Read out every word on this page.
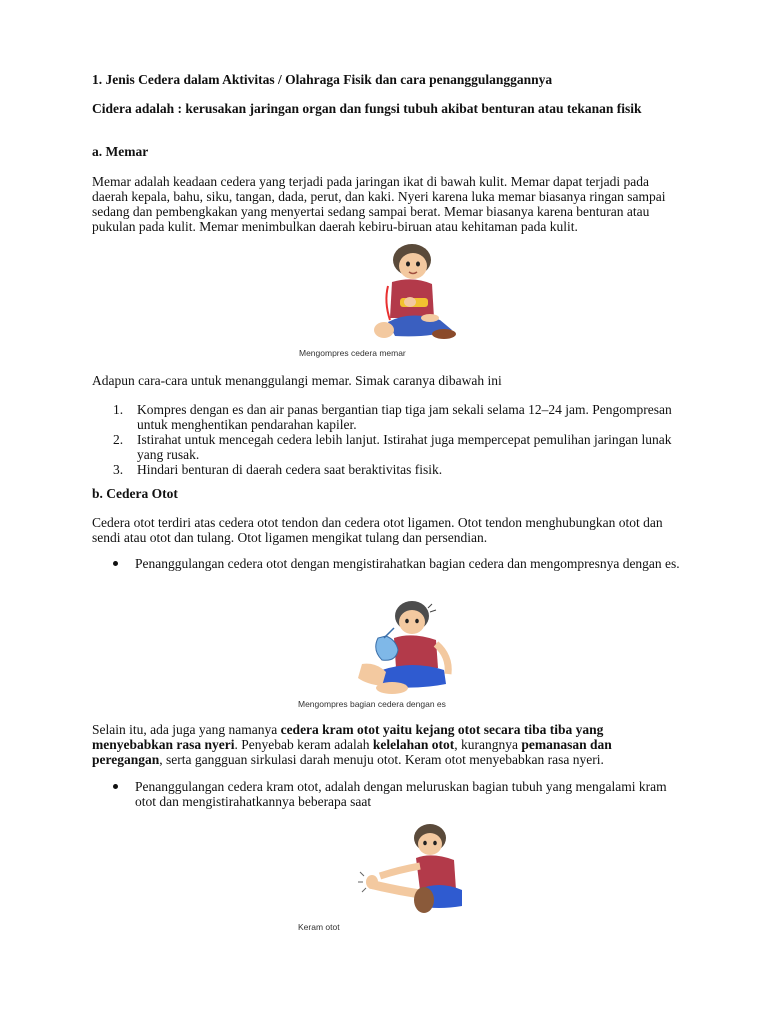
1. Jenis Cedera dalam Aktivitas / Olahraga Fisik dan cara penanggulanggannya

Cidera adalah : kerusakan jaringan organ dan fungsi tubuh akibat benturan atau tekanan fisik

a. Memar

Memar adalah keadaan cedera yang terjadi pada jaringan ikat di bawah kulit. Memar dapat terjadi pada daerah kepala, bahu, siku, tangan, dada, perut, dan kaki. Nyeri karena luka memar biasanya ringan sampai sedang dan pembengkakan yang menyertai sedang sampai berat. Memar biasanya karena benturan atau pukulan pada kulit. Memar menimbulkan daerah kebiru-biruan atau kehitaman pada kulit.

Mengompres cedera memar

Adapun cara-cara untuk menanggulangi memar. Simak caranya dibawah ini

1. Kompres dengan es dan air panas bergantian tiap tiga jam sekali selama 12‒24 jam. Pengompresan untuk menghentikan pendarahan kapiler.
2. Istirahat untuk mencegah cedera lebih lanjut. Istirahat juga mempercepat pemulihan jaringan lunak yang rusak.
3. Hindari benturan di daerah cedera saat beraktivitas fisik.

b. Cedera Otot

Cedera otot terdiri atas cedera otot tendon dan cedera otot ligamen. Otot tendon menghubungkan otot dan sendi atau otot dan tulang. Otot ligamen mengikat tulang dan persendian.

Penanggulangan cedera otot dengan mengistirahatkan bagian cedera dan mengompresnya dengan es.
Mengompres bagian cedera dengan es

Selain itu, ada juga yang namanya cedera kram otot yaitu kejang otot secara tiba tiba yang menyebabkan rasa nyeri. Penyebab keram adalah kelelahan otot, kurangnya pemanasan dan peregangan, serta gangguan sirkulasi darah menuju otot. Keram otot menyebabkan rasa nyeri.

Penanggulangan cedera kram otot, adalah dengan meluruskan bagian tubuh yang mengalami kram otot dan mengistirahatkannya beberapa saat
Keram otot
